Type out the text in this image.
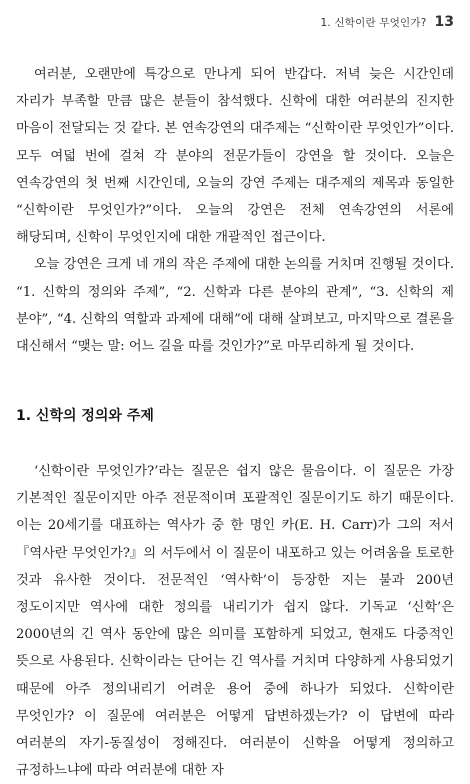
1. 신학이란 무엇인가? 13

여러분, 오랜만에 특강으로 만나게 되어 반갑다. 저녁 늦은 시간인데 자리가 부족할 만큼 많은 분들이 참석했다. 신학에 대한 여러분의 진지한 마음이 전달되는 것 같다. 본 연속강연의 대주제는 “신학이란 무엇인가”이다. 모두 여덟 번에 걸쳐 각 분야의 전문가들이 강연을 할 것이다. 오늘은 연속강연의 첫 번째 시간인데, 오늘의 강연 주제는 대주제의 제목과 동일한 “신학이란 무엇인가?”이다. 오늘의 강연은 전체 연속강연의 서론에 해당되며, 신학이 무엇인지에 대한 개괄적인 접근이다.

오늘 강연은 크게 네 개의 작은 주제에 대한 논의를 거치며 진행될 것이다. “1. 신학의 정의와 주제”, “2. 신학과 다른 분야의 관계”, “3. 신학의 제 분야”, “4. 신학의 역할과 과제에 대해”에 대해 살펴보고, 마지막으로 결론을 대신해서 “맺는 말: 어느 길을 따를 것인가?”로 마무리하게 될 것이다.

1. 신학의 정의와 주제

‘신학이란 무엇인가?’라는 질문은 쉽지 않은 물음이다. 이 질문은 가장 기본적인 질문이지만 아주 전문적이며 포괄적인 질문이기도 하기 때문이다. 이는 20세기를 대표하는 역사가 중 한 명인 카(E. H. Carr)가 그의 저서 『역사란 무엇인가?』의 서두에서 이 질문이 내포하고 있는 어려움을 토로한 것과 유사한 것이다. 전문적인 ‘역사학’이 등장한 지는 불과 200년 정도이지만 역사에 대한 정의를 내리기가 쉽지 않다. 기독교 ‘신학’은 2000년의 긴 역사 동안에 많은 의미를 포함하게 되었고, 현재도 다중적인 뜻으로 사용된다. 신학이라는 단어는 긴 역사를 거치며 다양하게 사용되었기 때문에 아주 정의내리기 어려운 용어 중에 하나가 되었다. 신학이란 무엇인가? 이 질문에 여러분은 어떻게 답변하겠는가? 이 답변에 따라 여러분의 자기-동질성이 정해진다. 여러분이 신학을 어떻게 정의하고 규정하느냐에 따라 여러분에 대한 자
